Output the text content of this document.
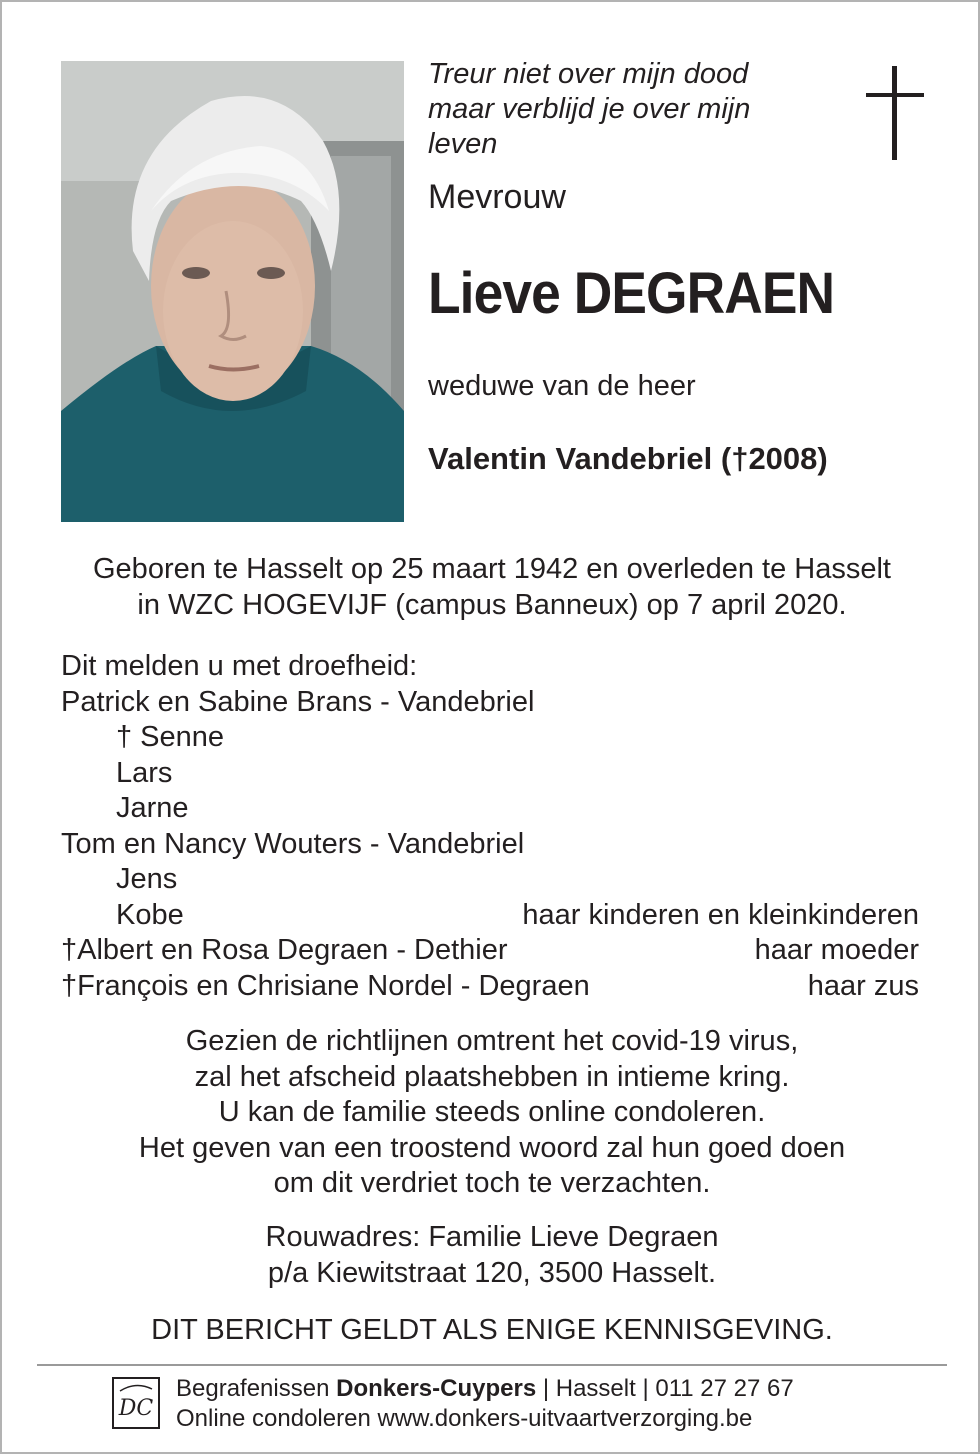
Treur niet over mijn dood
maar verblijd je over mijn
leven
Mevrouw
Lieve DEGRAEN
weduwe van de heer
Valentin Vandebriel (†2008)
Geboren te Hasselt op 25 maart 1942 en overleden te Hasselt
in WZC HOGEVIJF (campus Banneux) op 7 april 2020.
Dit melden u met droefheid:
Patrick en Sabine Brans - Vandebriel
† Senne
Lars
Jarne
Tom en Nancy Wouters - Vandebriel
Jens
Kobe	haar kinderen en kleinkinderen
†Albert en Rosa Degraen - Dethier	haar moeder
†François en Chrisiane Nordel - Degraen	haar zus
Gezien de richtlijnen omtrent het covid-19 virus,
zal het afscheid plaatshebben in intieme kring.
U kan de familie steeds online condoleren.
Het geven van een troostend woord zal hun goed doen
om dit verdriet toch te verzachten.
Rouwadres: Familie Lieve Degraen
p/a Kiewitstraat 120, 3500 Hasselt.
DIT BERICHT GELDT ALS ENIGE KENNISGEVING.
DC
Begrafenissen Donkers-Cuypers | Hasselt | 011 27 27 67
Online condoleren www.donkers-uitvaartverzorging.be
